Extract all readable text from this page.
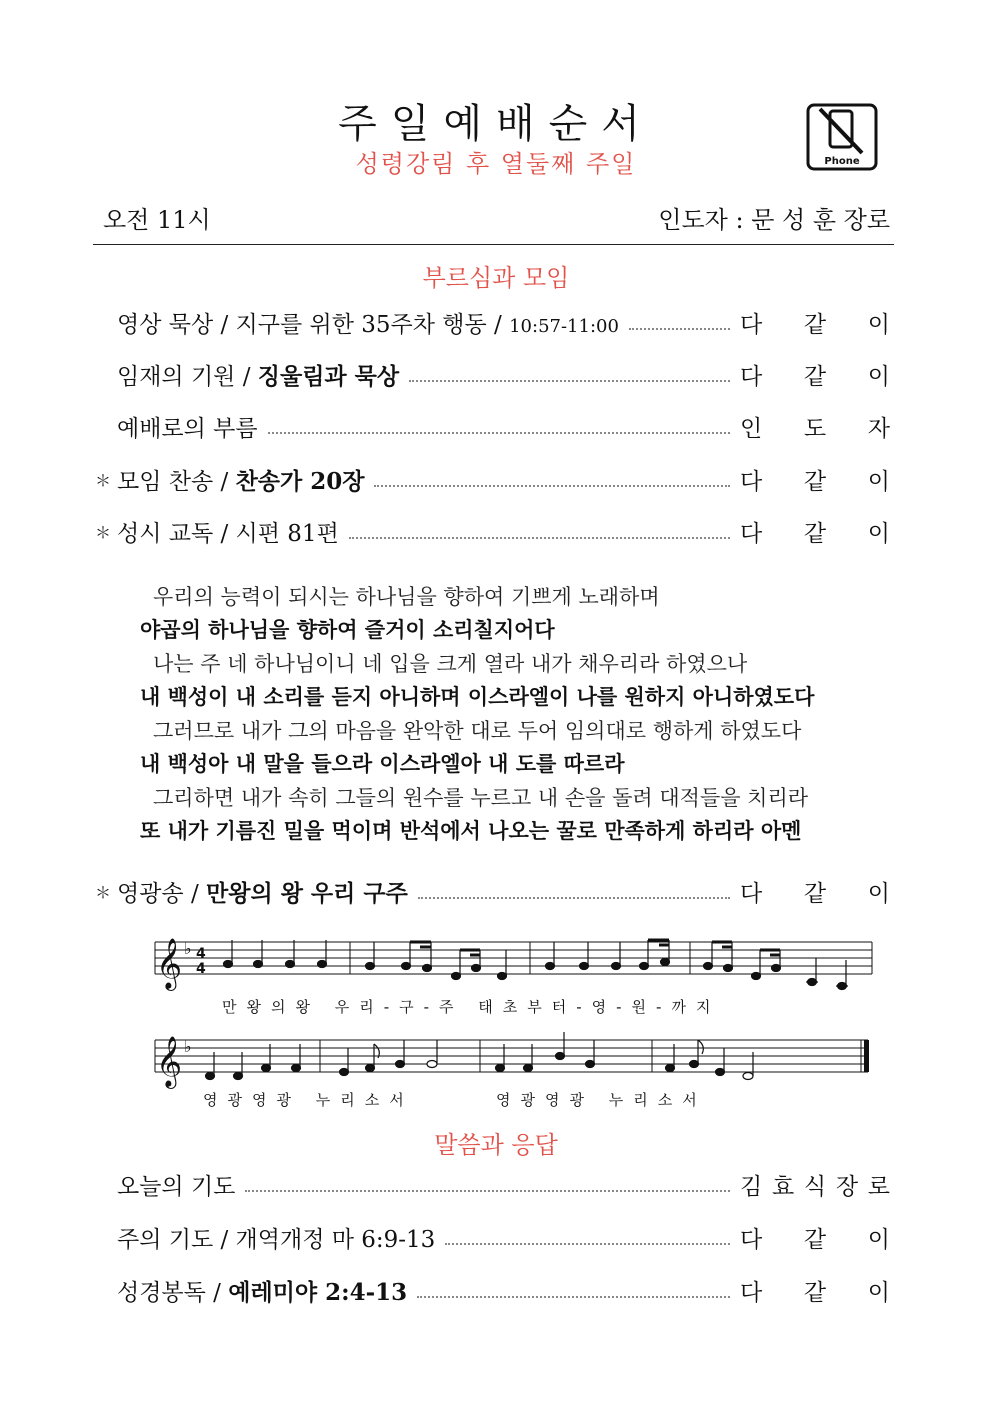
주일예배순서
성령강림 후 열둘째 주일	Phone
오전 11시	인도자 : 문 성 훈 장로
부르심과 모임
영상 묵상 / 지구를 위한 35주차 행동 / 10:57-11:00	다 같 이
임재의 기원 / 징울림과 묵상	다 같 이
예배로의 부름	인 도 자
＊ 모임 찬송 / 찬송가 20장	다 같 이
＊ 성시 교독 / 시편 81편	다 같 이
우리의 능력이 되시는 하나님을 향하여 기쁘게 노래하며
야곱의 하나님을 향하여 즐거이 소리칠지어다
나는 주 네 하나님이니 네 입을 크게 열라 내가 채우리라 하였으나
내 백성이 내 소리를 듣지 아니하며 이스라엘이 나를 원하지 아니하였도다
그러므로 내가 그의 마음을 완악한 대로 두어 임의대로 행하게 하였도다
내 백성아 내 말을 들으라 이스라엘아 내 도를 따르라
그리하면 내가 속히 그들의 원수를 누르고 내 손을 돌려 대적들을 치리라
또 내가 기름진 밀을 먹이며 반석에서 나오는 꿀로 만족하게 하리라 아멘
＊ 영광송 / 만왕의 왕 우리 구주	다 같 이
𝄞
𝄞
♭
♭
4
4
만왕의왕 우리-구-주 태초부터-영-원-까지
영광영광 누리소서	영광영광 누리소서
말씀과 응답
오늘의 기도	김 효 식 장 로
주의 기도 / 개역개정 마 6:9-13	다 같 이
성경봉독 / 예레미야 2:4-13	다 같 이
